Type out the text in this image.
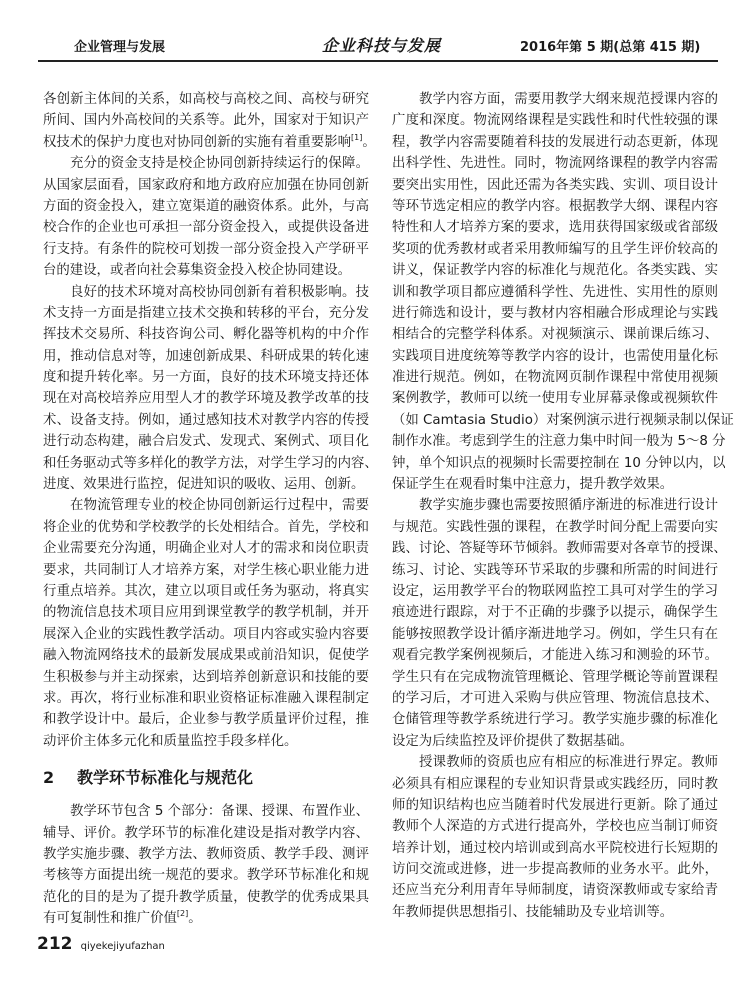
企业管理与发展	企业科技与发展	2016年第 5 期(总第 415 期)
各创新主体间的关系，如高校与高校之间、高校与研究
所间、国内外高校间的关系等。此外，国家对于知识产
权技术的保护力度也对协同创新的实施有着重要影响[1]。
充分的资金支持是校企协同创新持续运行的保障。
从国家层面看，国家政府和地方政府应加强在协同创新
方面的资金投入，建立宽渠道的融资体系。此外，与高
校合作的企业也可承担一部分资金投入，或提供设备进
行支持。有条件的院校可划拨一部分资金投入产学研平
台的建设，或者向社会募集资金投入校企协同建设。
良好的技术环境对高校协同创新有着积极影响。技
术支持一方面是指建立技术交换和转移的平台，充分发
挥技术交易所、科技咨询公司、孵化器等机构的中介作
用，推动信息对等，加速创新成果、科研成果的转化速
度和提升转化率。另一方面，良好的技术环境支持还体
现在对高校培养应用型人才的教学环境及教学改革的技
术、设备支持。例如，通过感知技术对教学内容的传授
进行动态构建，融合启发式、发现式、案例式、项目化
和任务驱动式等多样化的教学方法，对学生学习的内容、
进度、效果进行监控，促进知识的吸收、运用、创新。
在物流管理专业的校企协同创新运行过程中，需要
将企业的优势和学校教学的长处相结合。首先，学校和
企业需要充分沟通，明确企业对人才的需求和岗位职责
要求，共同制订人才培养方案，对学生核心职业能力进
行重点培养。其次，建立以项目或任务为驱动，将真实
的物流信息技术项目应用到课堂教学的教学机制，并开
展深入企业的实践性教学活动。项目内容或实验内容要
融入物流网络技术的最新发展成果或前沿知识，促使学
生积极参与并主动探索，达到培养创新意识和技能的要
求。再次，将行业标准和职业资格证标准融入课程制定
和教学设计中。最后，企业参与教学质量评价过程，推
动评价主体多元化和质量监控手段多样化。
2 教学环节标准化与规范化
教学环节包含 5 个部分：备课、授课、布置作业、
辅导、评价。教学环节的标准化建设是指对教学内容、
教学实施步骤、教学方法、教师资质、教学手段、测评
考核等方面提出统一规范的要求。教学环节标准化和规
范化的目的是为了提升教学质量，使教学的优秀成果具
有可复制性和推广价值[2]。
教学内容方面，需要用教学大纲来规范授课内容的
广度和深度。物流网络课程是实践性和时代性较强的课
程，教学内容需要随着科技的发展进行动态更新，体现
出科学性、先进性。同时，物流网络课程的教学内容需
要突出实用性，因此还需为各类实践、实训、项目设计
等环节选定相应的教学内容。根据教学大纲、课程内容
特性和人才培养方案的要求，选用获得国家级或省部级
奖项的优秀教材或者采用教师编写的且学生评价较高的
讲义，保证教学内容的标准化与规范化。各类实践、实
训和教学项目都应遵循科学性、先进性、实用性的原则
进行筛选和设计，要与教材内容相融合形成理论与实践
相结合的完整学科体系。对视频演示、课前课后练习、
实践项目进度统筹等教学内容的设计，也需使用量化标
准进行规范。例如，在物流网页制作课程中常使用视频
案例教学，教师可以统一使用专业屏幕录像或视频软件
（如 Camtasia Studio）对案例演示进行视频录制以保证
制作水准。考虑到学生的注意力集中时间一般为 5～8 分
钟，单个知识点的视频时长需要控制在 10 分钟以内，以
保证学生在观看时集中注意力，提升教学效果。
教学实施步骤也需要按照循序渐进的标准进行设计
与规范。实践性强的课程，在教学时间分配上需要向实
践、讨论、答疑等环节倾斜。教师需要对各章节的授课、
练习、讨论、实践等环节采取的步骤和所需的时间进行
设定，运用教学平台的物联网监控工具可对学生的学习
痕迹进行跟踪，对于不正确的步骤予以提示，确保学生
能够按照教学设计循序渐进地学习。例如，学生只有在
观看完教学案例视频后，才能进入练习和测验的环节。
学生只有在完成物流管理概论、管理学概论等前置课程
的学习后，才可进入采购与供应管理、物流信息技术、
仓储管理等教学系统进行学习。教学实施步骤的标准化
设定为后续监控及评价提供了数据基础。
授课教师的资质也应有相应的标准进行界定。教师
必须具有相应课程的专业知识背景或实践经历，同时教
师的知识结构也应当随着时代发展进行更新。除了通过
教师个人深造的方式进行提高外，学校也应当制订师资
培养计划，通过校内培训或到高水平院校进行长短期的
访问交流或进修，进一步提高教师的业务水平。此外，
还应当充分利用青年导师制度，请资深教师或专家给青
年教师提供思想指引、技能辅助及专业培训等。
212 qiyekejiyufazhan
